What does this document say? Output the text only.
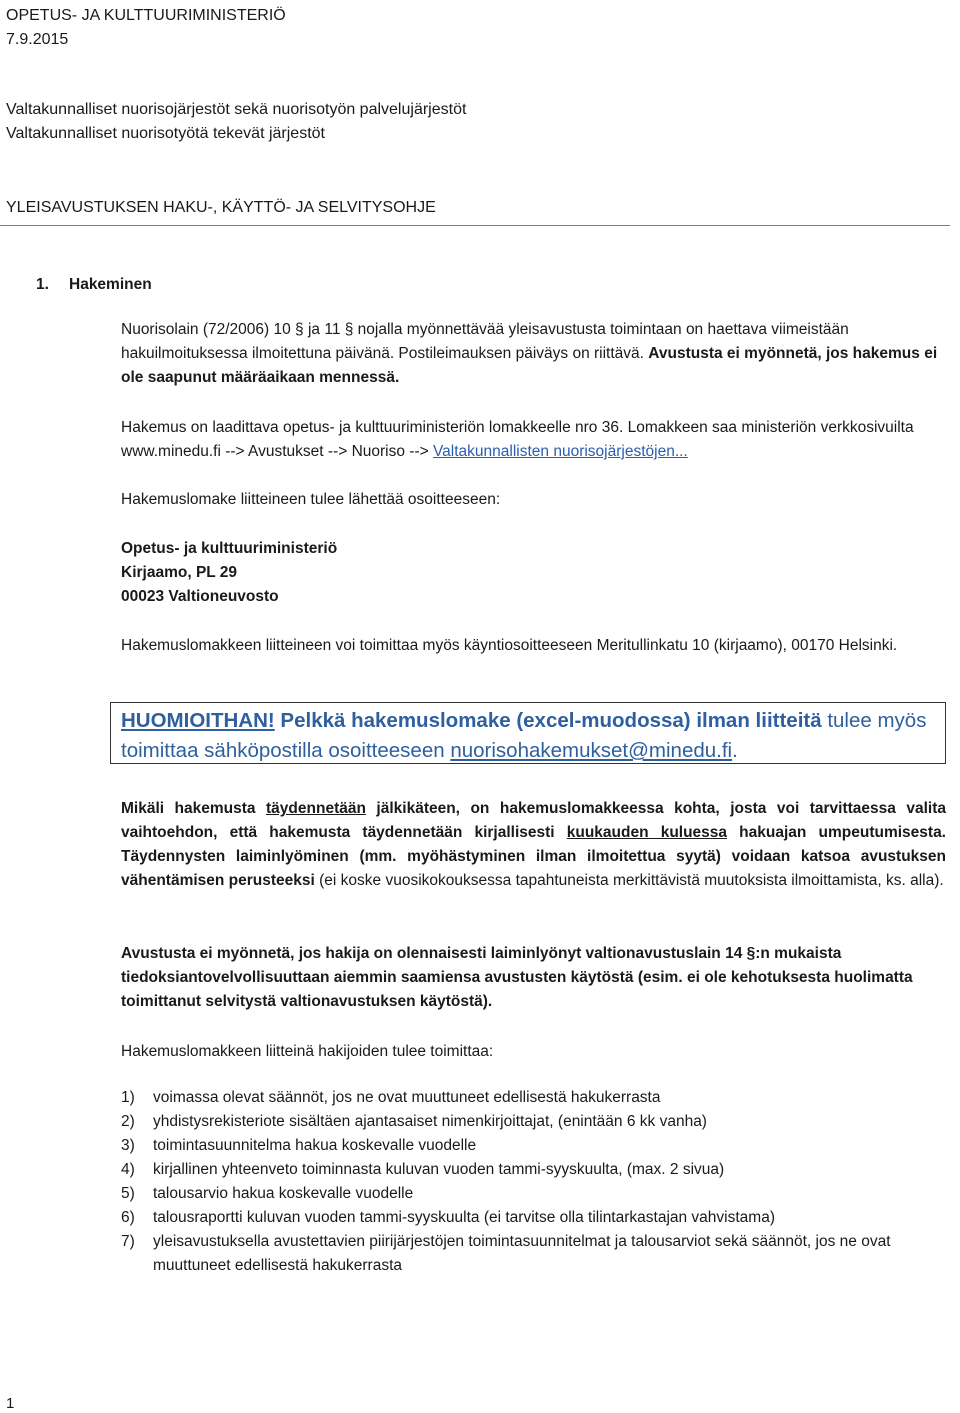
OPETUS- JA KULTTUURIMINISTERIÖ
7.9.2015
Valtakunnalliset nuorisojärjestöt sekä nuorisotyön palvelujärjestöt
Valtakunnalliset nuorisotyötä tekevät järjestöt
YLEISAVUSTUKSEN HAKU-, KÄYTTÖ- JA SELVITYSOHJE
1. Hakeminen
Nuorisolain (72/2006) 10 § ja 11 § nojalla myönnettävää yleisavustusta toimintaan on haettava viimeistään hakuilmoituksessa ilmoitettuna päivänä. Postileimauksen päiväys on riittävä. Avustusta ei myönnetä, jos hakemus ei ole saapunut määräaikaan mennessä.
Hakemus on laadittava opetus- ja kulttuuriministeriön lomakkeelle nro 36. Lomakkeen saa ministeriön verkkosivuilta www.minedu.fi --> Avustukset --> Nuoriso --> Valtakunnallisten nuorisojärjestöjen...
Hakemuslomake liitteineen tulee lähettää osoitteeseen:
Opetus- ja kulttuuriministeriö
Kirjaamo, PL 29
00023 Valtioneuvosto
Hakemuslomakkeen liitteineen voi toimittaa myös käyntiosoitteeseen Meritullinkatu 10 (kirjaamo), 00170 Helsinki.
HUOMIOITHAN! Pelkkä hakemuslomake (excel-muodossa) ilman liitteitä tulee myös toimittaa sähköpostilla osoitteeseen nuorisohakemukset@minedu.fi.
Mikäli hakemusta täydennetään jälkikäteen, on hakemuslomakkeessa kohta, josta voi tarvittaessa valita vaihtoehdon, että hakemusta täydennetään kirjallisesti kuukauden kuluessa hakuajan umpeutumisesta. Täydennysten laiminlyöminen (mm. myöhästyminen ilman ilmoitettua syytä) voidaan katsoa avustuksen vähentämisen perusteeksi (ei koske vuosikokouksessa tapahtuneista merkittävistä muutoksista ilmoittamista, ks. alla).
Avustusta ei myönnetä, jos hakija on olennaisesti laiminlyönyt valtionavustuslain 14 §:n mukaista tiedoksiantovelvollisuuttaan aiemmin saamiensa avustusten käytöstä (esim. ei ole kehotuksesta huolimatta toimittanut selvitystä valtionavustuksen käytöstä).
Hakemuslomakkeen liitteinä hakijoiden tulee toimittaa:
1)	voimassa olevat säännöt, jos ne ovat muuttuneet edellisestä hakukerrasta
2)	yhdistysrekisteriote sisältäen ajantasaiset nimenkirjoittajat, (enintään 6 kk vanha)
3)	toimintasuunnitelma hakua koskevalle vuodelle
4)	kirjallinen yhteenveto toiminnasta kuluvan vuoden tammi-syyskuulta, (max. 2 sivua)
5)	talousarvio hakua koskevalle vuodelle
6)	talousraportti kuluvan vuoden tammi-syyskuulta (ei tarvitse olla tilintarkastajan vahvistama)
7)	yleisavustuksella avustettavien piirijärjestöjen toimintasuunnitelmat ja talousarviot sekä säännöt, jos ne ovat muuttuneet edellisestä hakukerrasta
1
